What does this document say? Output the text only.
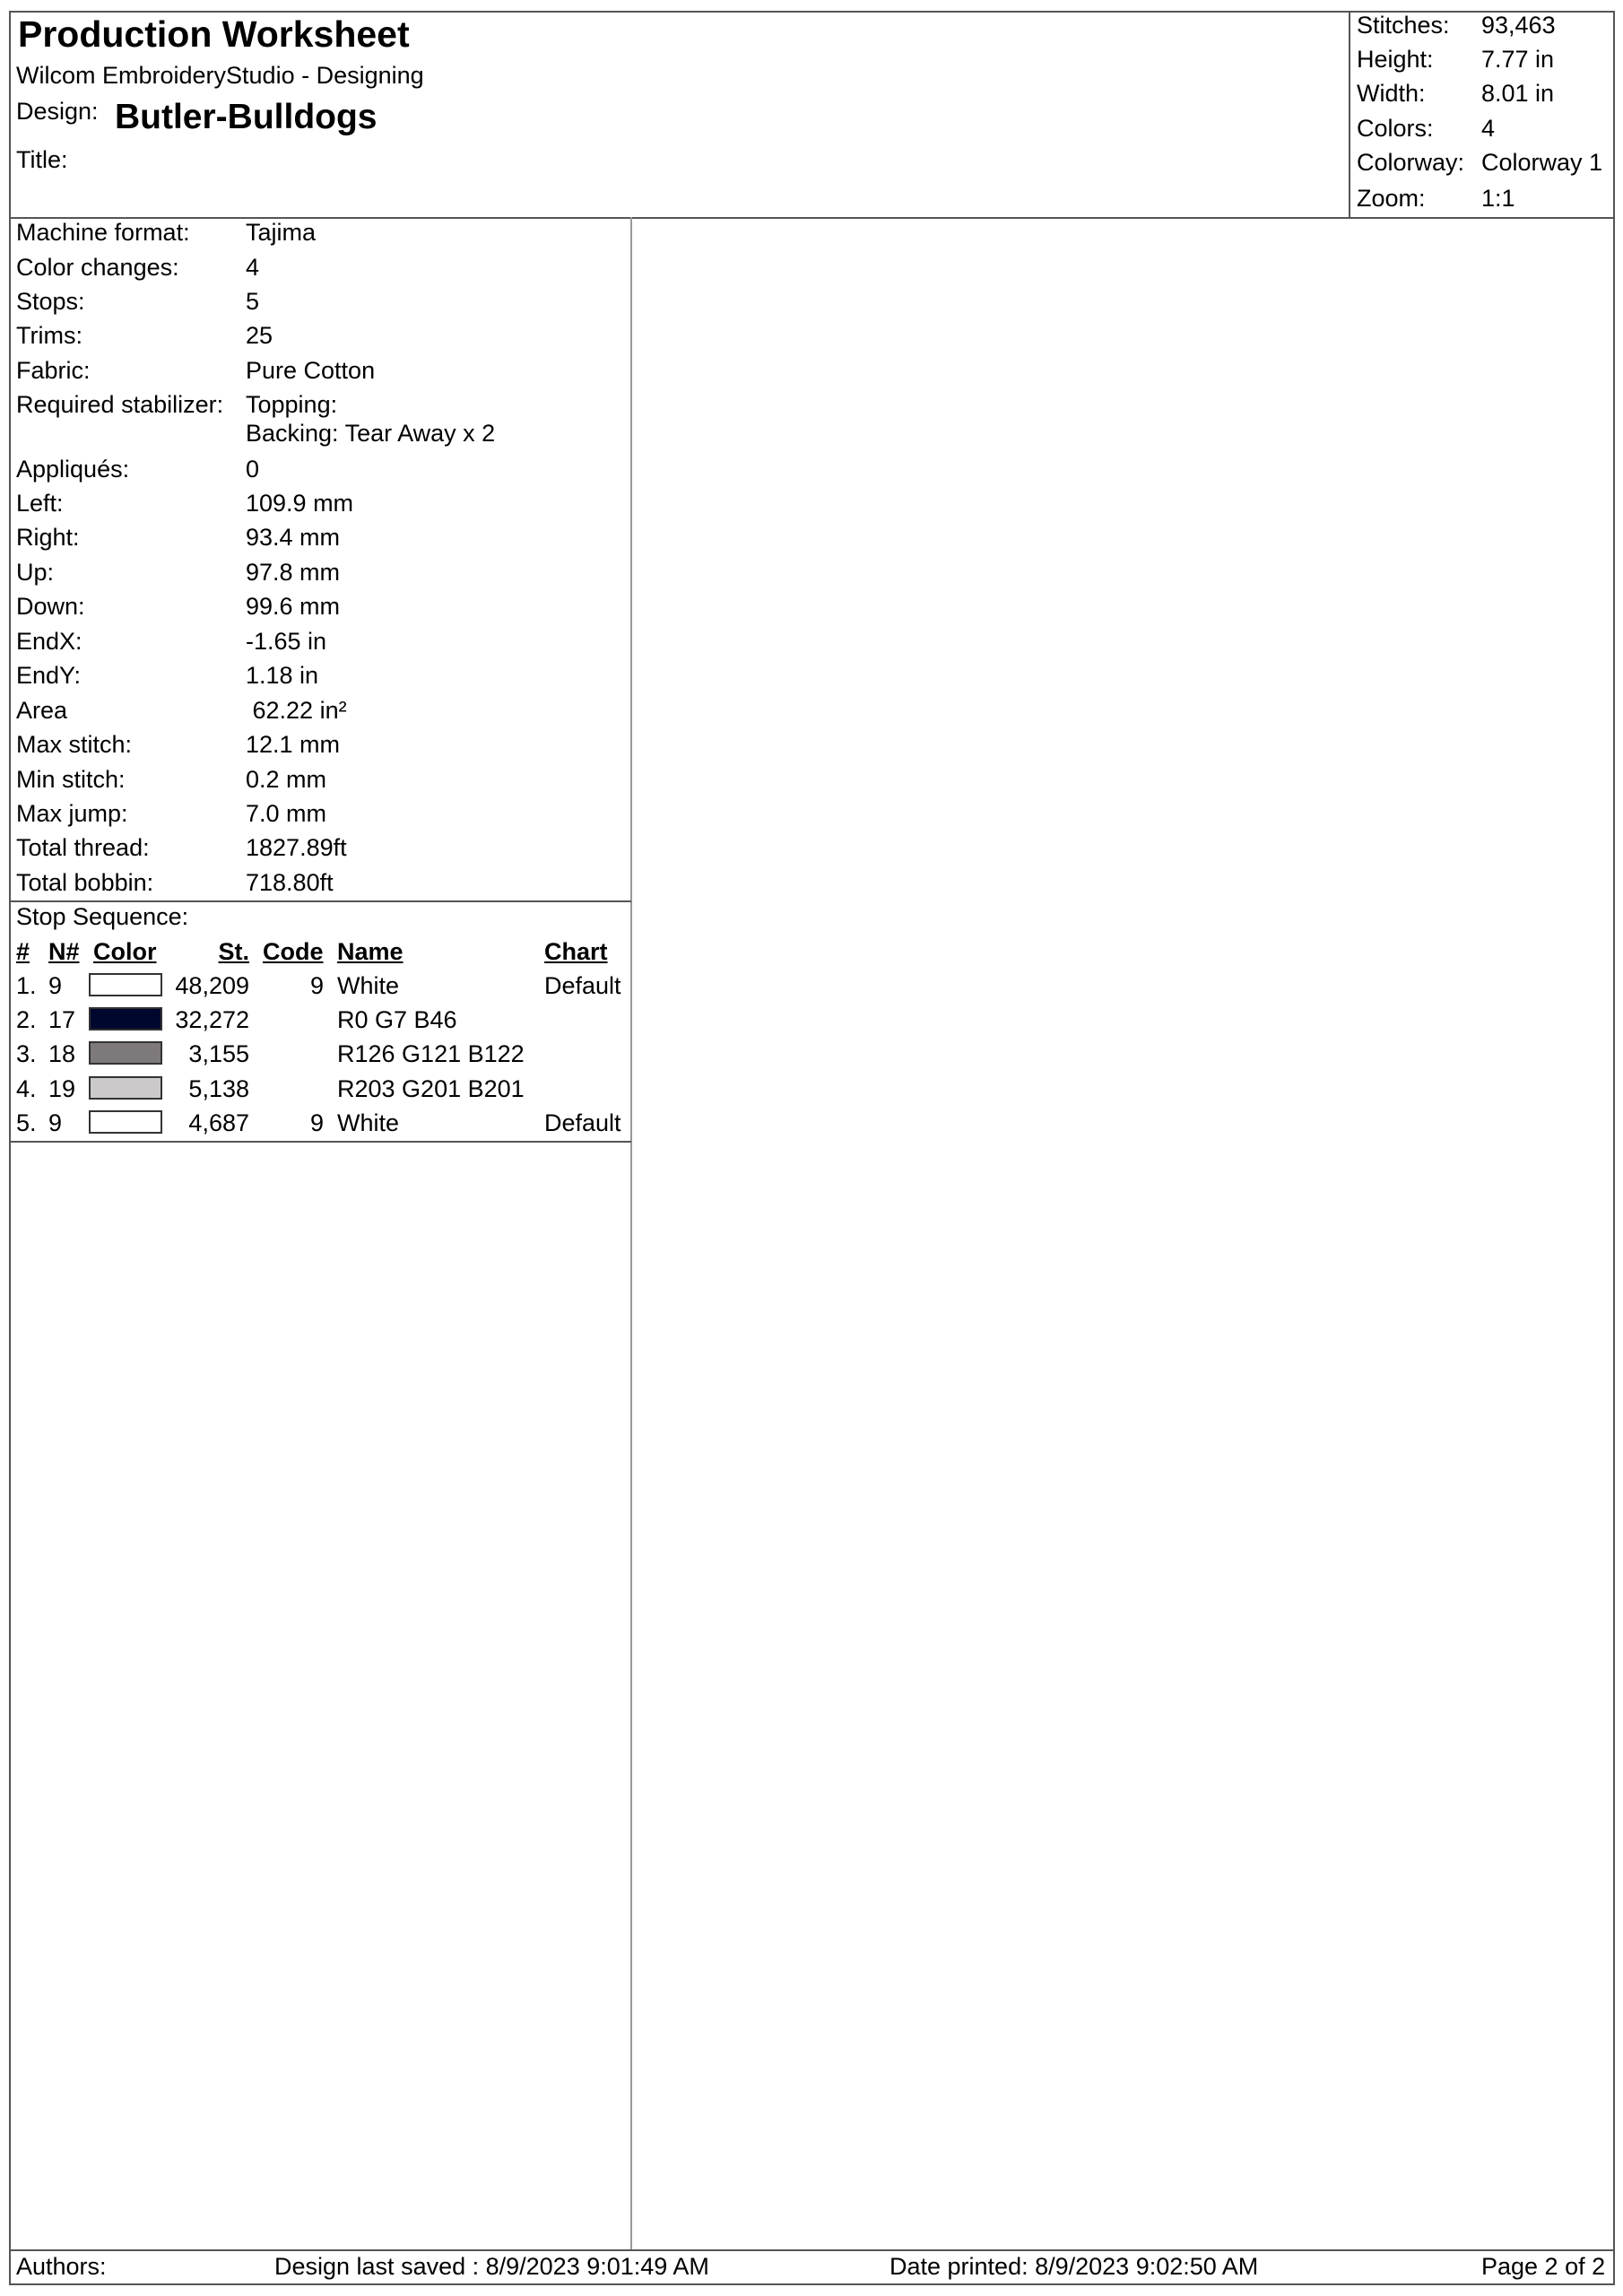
Production Worksheet
Wilcom EmbroideryStudio - Designing
Design: Butler-Bulldogs
Title:
Stitches: 93,463
Height: 7.77 in
Width: 8.01 in
Colors: 4
Colorway: Colorway 1
Zoom: 1:1
Machine format: Tajima
Color changes:	4
Stops:	5
Trims:	25
Fabric:	Pure Cotton
Required stabilizer: Topping:
Backing: Tear Away x 2
Appliqués:	0
Left:	109.9 mm
Right:	93.4 mm
Up:	97.8 mm
Down:	99.6 mm
EndX:	-1.65 in
EndY:	1.18 in
Area	62.22 in²
Max stitch:	12.1 mm
Min stitch:	0.2 mm
Max jump:	7.0 mm
Total thread:	1827.89ft
Total bobbin:	718.80ft
Stop Sequence:
# N# Color	St. Code Name	Chart
1. 9	48,209	9 White	Default
2. 17	32,272	R0 G7 B46
3. 18	3,155	R126 G121 B122
4. 19	5,138	R203 G201 B201
5. 9	4,687	9 White	Default
Authors:	Design last saved : 8/9/2023 9:01:49 AM	Date printed: 8/9/2023 9:02:50 AM	Page 2 of 2
